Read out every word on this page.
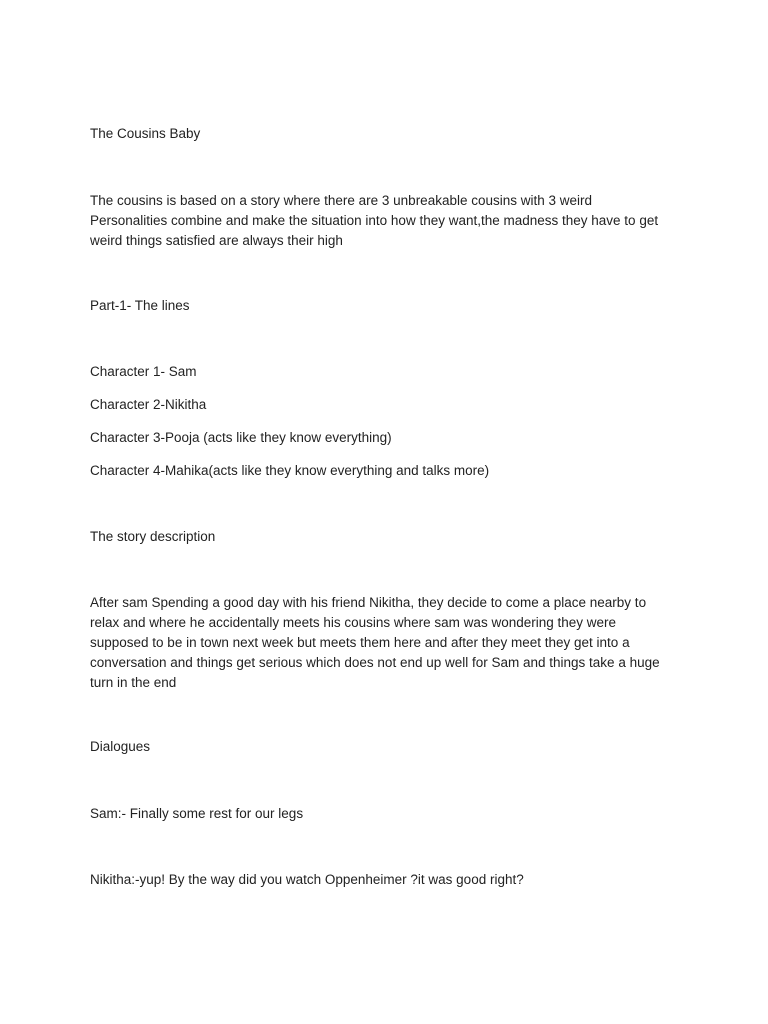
The Cousins Baby

The cousins is based on a story where there are 3 unbreakable cousins with 3 weird
Personalities combine and make the situation into how they want,the madness they have to get
weird things satisfied are always their high

Part-1- The lines

Character 1- Sam

Character 2-Nikitha

Character 3-Pooja (acts like they know everything)

Character 4-Mahika(acts like they know everything and talks more)

The story description

After sam Spending a good day with his friend Nikitha, they decide to come a place nearby to
relax and where he accidentally meets his cousins where sam was wondering they were
supposed to be in town next week but meets them here and after they meet they get into a
conversation and things get serious which does not end up well for Sam and things take a huge
turn in the end

Dialogues

Sam:- Finally some rest for our legs

Nikitha:-yup! By the way did you watch Oppenheimer ?it was good right?
